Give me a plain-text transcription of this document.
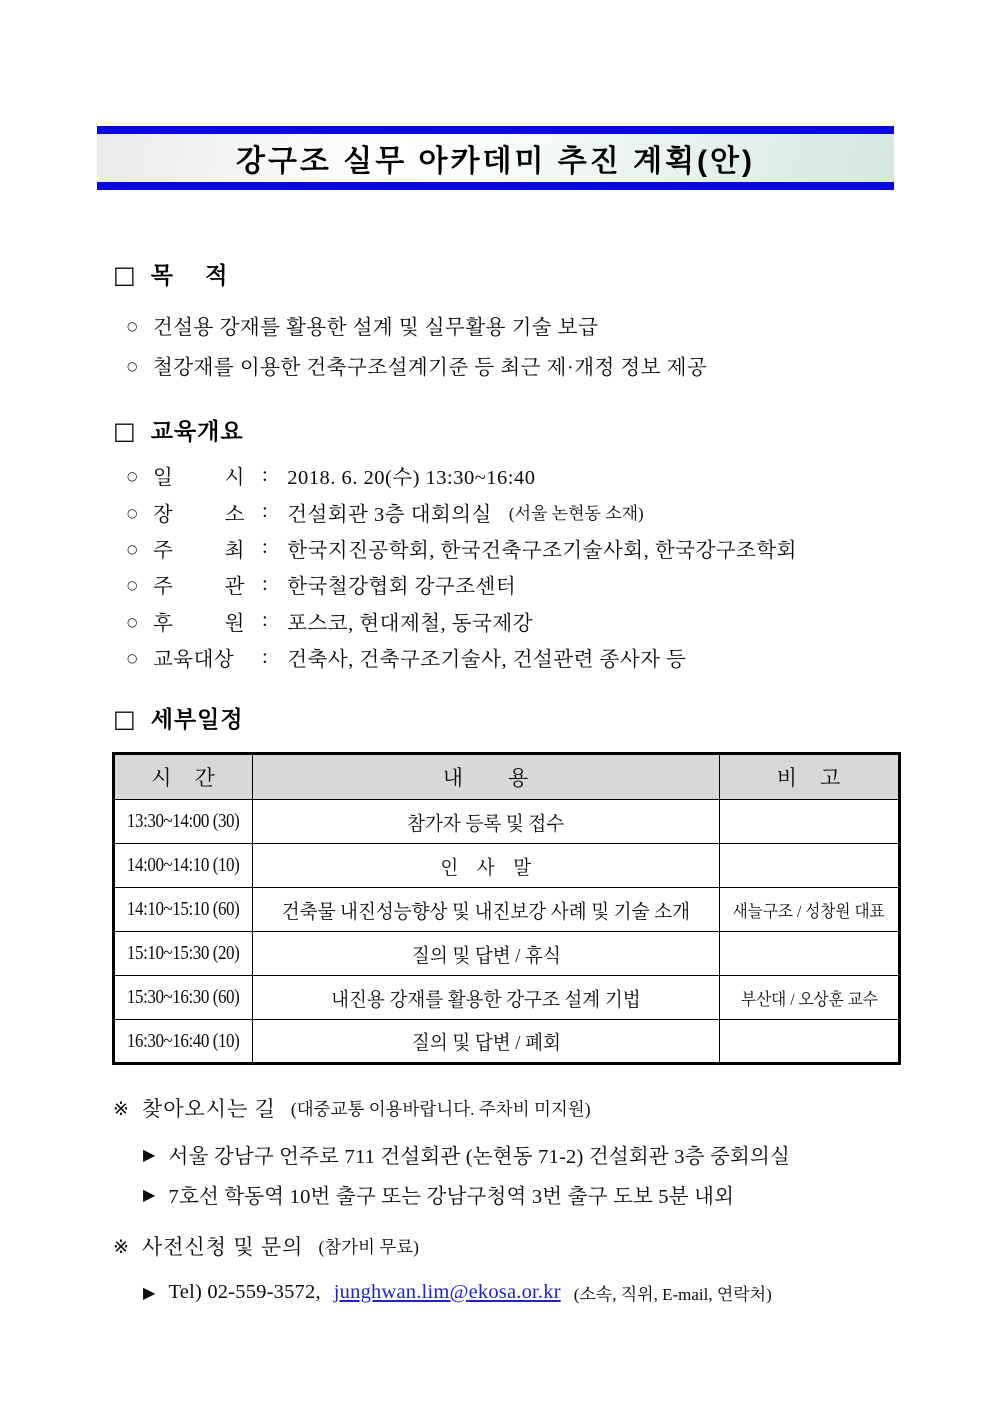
강구조 실무 아카데미 추진 계획(안)
□ 목　 적
○ 건설용 강재를 활용한 설계 및 실무활용 기술 보급
○ 철강재를 이용한 건축구조설계기준 등 최근 제·개정 정보 제공
□ 교육개요
○ 일 시 : 2018. 6. 20(수) 13:30~16:40
○ 장 소 : 건설회관 3층 대회의실 (서울 논현동 소재)
○ 주 최 : 한국지진공학회, 한국건축구조기술사회, 한국강구조학회
○ 주 관 : 한국철강협회 강구조센터
○ 후 원 : 포스코, 현대제철, 동국제강
○ 교육대상	: 건축사, 건축구조기술사, 건설관련 종사자 등
□ 세부일정
시　간	내　　용	비　고
13:30~14:00 (30)	참가자 등록 및 접수	
14:00~14:10 (10)	인　사　말	
14:10~15:10 (60)	건축물 내진성능향상 및 내진보강 사례 및 기술 소개	새늘구조 / 성창원 대표
15:10~15:30 (20)	질의 및 답변 / 휴식	
15:30~16:30 (60)	내진용 강재를 활용한 강구조 설계 기법	부산대 / 오상훈 교수
16:30~16:40 (10)	질의 및 답변 / 폐회	
※ 찾아오시는 길 (대중교통 이용바랍니다. 주차비 미지원)
▶ 서울 강남구 언주로 711 건설회관 (논현동 71-2) 건설회관 3층 중회의실
▶ 7호선 학동역 10번 출구 또는 강남구청역 3번 출구 도보 5분 내외
※ 사전신청 및 문의 (참가비 무료)
▶ Tel) 02-559-3572, junghwan.lim@ekosa.or.kr (소속, 직위, E-mail, 연락처)
